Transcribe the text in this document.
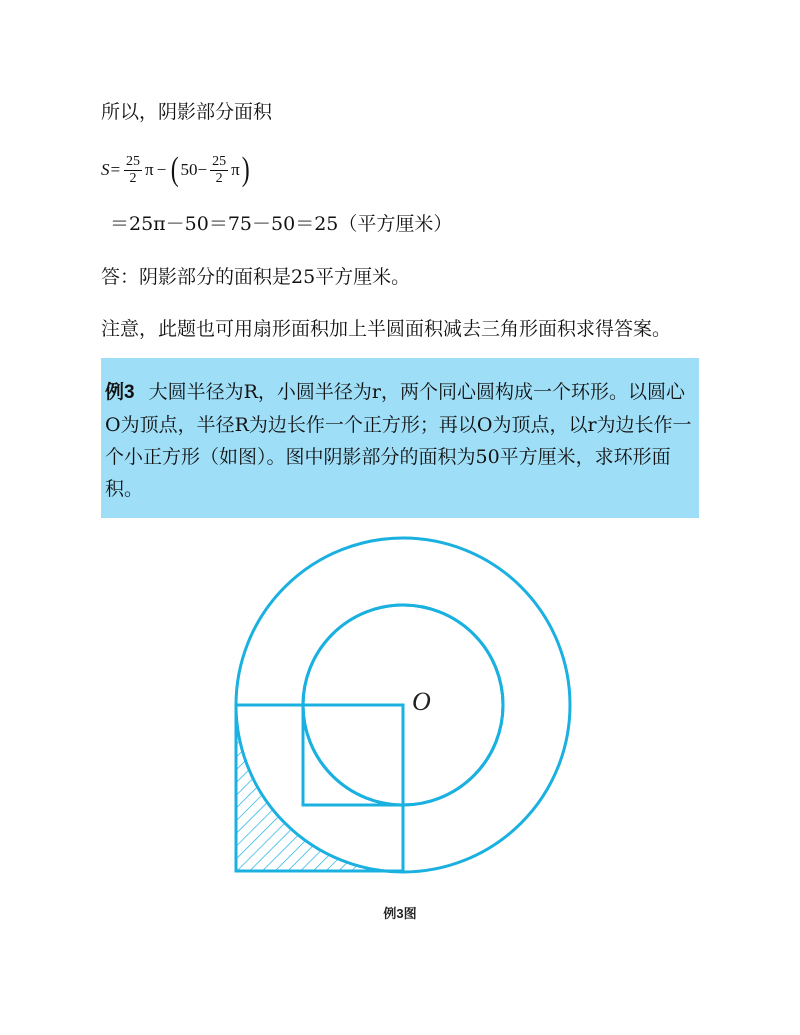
所以，阴影部分面积
$S= \frac{25}{2}$ π − ( $50- \frac{25}{2}$ π )
＝25π－50＝75－50＝25（平方厘米）
答：阴影部分的面积是25平方厘米。
注意，此题也可用扇形面积加上半圆面积减去三角形面积求得答案。
例3 大圆半径为R，小圆半径为r，两个同心圆构成一个环形。以圆心O为顶点，半径R为边长作一个正方形；再以O为顶点，以r为边长作一个小正方形（如图）。图中阴影部分的面积为50平方厘米，求环形面积。
O
例3图
